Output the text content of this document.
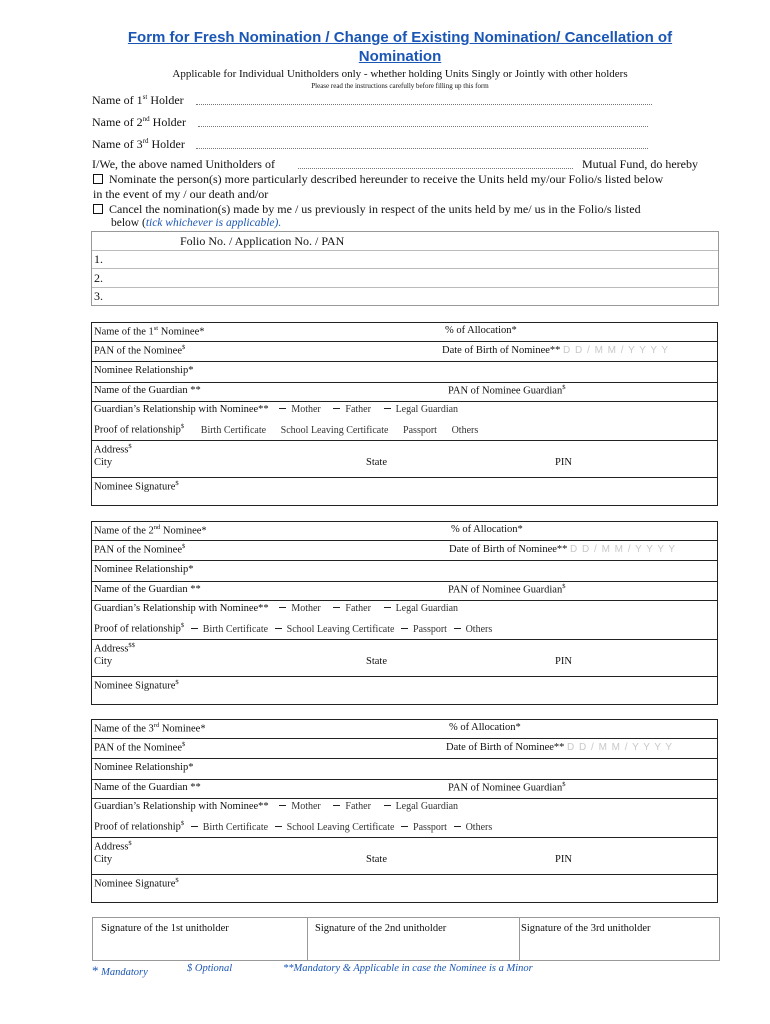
Form for Fresh Nomination / Change of Existing Nomination/ Cancellation of
Nomination
Applicable for Individual Unitholders only - whether holding Units Singly or Jointly with other holders
Please read the instructions carefully before filling up this form
Name of 1st Holder
Name of 2nd Holder
Name of 3rd Holder
I/We, the above named Unitholders of	Mutual Fund, do hereby
Nominate the person(s) more particularly described hereunder to receive the Units held my/our Folio/s listed below
in the event of my / our death and/or
Cancel the nomination(s) made by me / us previously in respect of the units held by me/ us in the Folio/s listed
below (tick whichever is applicable).
Folio No. / Application No. / PAN
1.
2.
3.
Name of the 1st Nominee*	% of Allocation*
PAN of the Nominee$	Date of Birth of Nominee** D D / M M / Y Y Y Y
Nominee Relationship*
Name of the Guardian **	PAN of Nominee Guardian$
Guardian’s Relationship with Nominee** Mother Father Legal Guardian
Proof of relationship$ Birth Certificate School Leaving Certificate Passport Others
Address$
City	State	PIN
Nominee Signature$
Name of the 2nd Nominee*	% of Allocation*
PAN of the Nominee$	Date of Birth of Nominee** D D / M M / Y Y Y Y
Nominee Relationship*
Name of the Guardian **	PAN of Nominee Guardian$
Guardian’s Relationship with Nominee** Mother Father Legal Guardian
Proof of relationship$ Birth Certificate School Leaving Certificate Passport Others
Address$$
City	State	PIN
Nominee Signature$
Name of the 3rd Nominee*	% of Allocation*
PAN of the Nominee$	Date of Birth of Nominee** D D / M M / Y Y Y Y
Nominee Relationship*
Name of the Guardian **	PAN of Nominee Guardian$
Guardian’s Relationship with Nominee** Mother Father Legal Guardian
Proof of relationship$ Birth Certificate School Leaving Certificate Passport Others
Address$
City	State	PIN
Nominee Signature$
Signature of the 1st unitholder	Signature of the 2nd unitholder	Signature of the 3rd unitholder
* Mandatory	$ Optional	**Mandatory & Applicable in case the Nominee is a Minor
